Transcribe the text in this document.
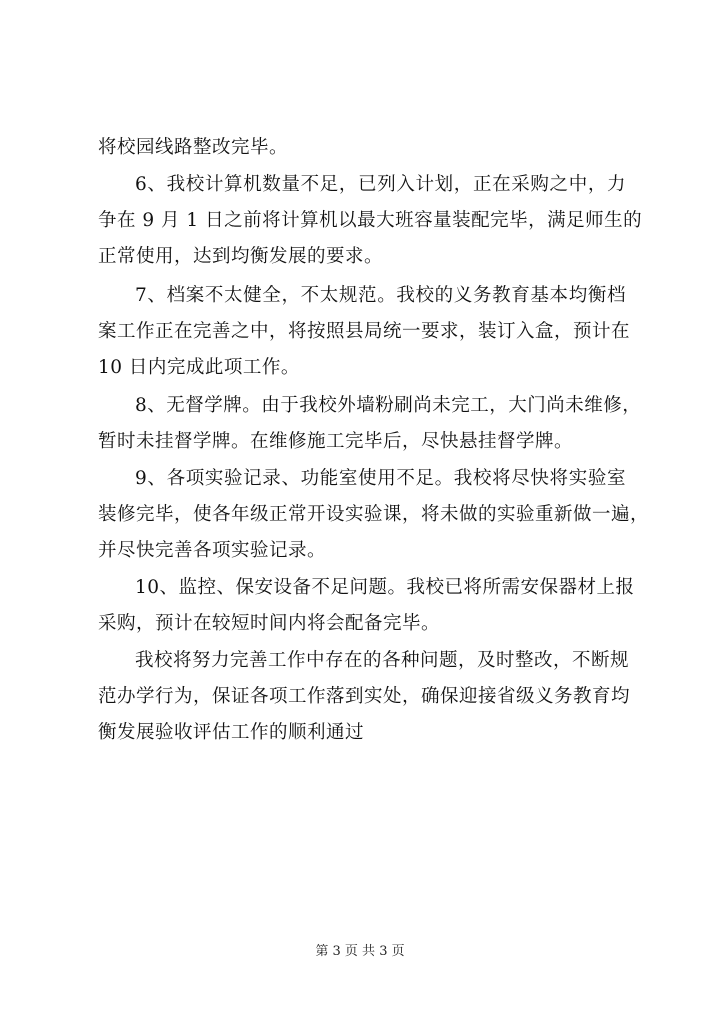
将校园线路整改完毕。
6、我校计算机数量不足，已列入计划，正在采购之中，力
争在 9 月 1 日之前将计算机以最大班容量装配完毕，满足师生的
正常使用，达到均衡发展的要求。
7、档案不太健全，不太规范。我校的义务教育基本均衡档
案工作正在完善之中，将按照县局统一要求，装订入盒，预计在
10 日内完成此项工作。
8、无督学牌。由于我校外墙粉刷尚未完工，大门尚未维修，
暂时未挂督学牌。在维修施工完毕后，尽快悬挂督学牌。
9、各项实验记录、功能室使用不足。我校将尽快将实验室
装修完毕，使各年级正常开设实验课，将未做的实验重新做一遍，
并尽快完善各项实验记录。
10、监控、保安设备不足问题。我校已将所需安保器材上报
采购，预计在较短时间内将会配备完毕。
我校将努力完善工作中存在的各种问题，及时整改，不断规
范办学行为，保证各项工作落到实处，确保迎接省级义务教育均
衡发展验收评估工作的顺利通过
第 3 页 共 3 页
